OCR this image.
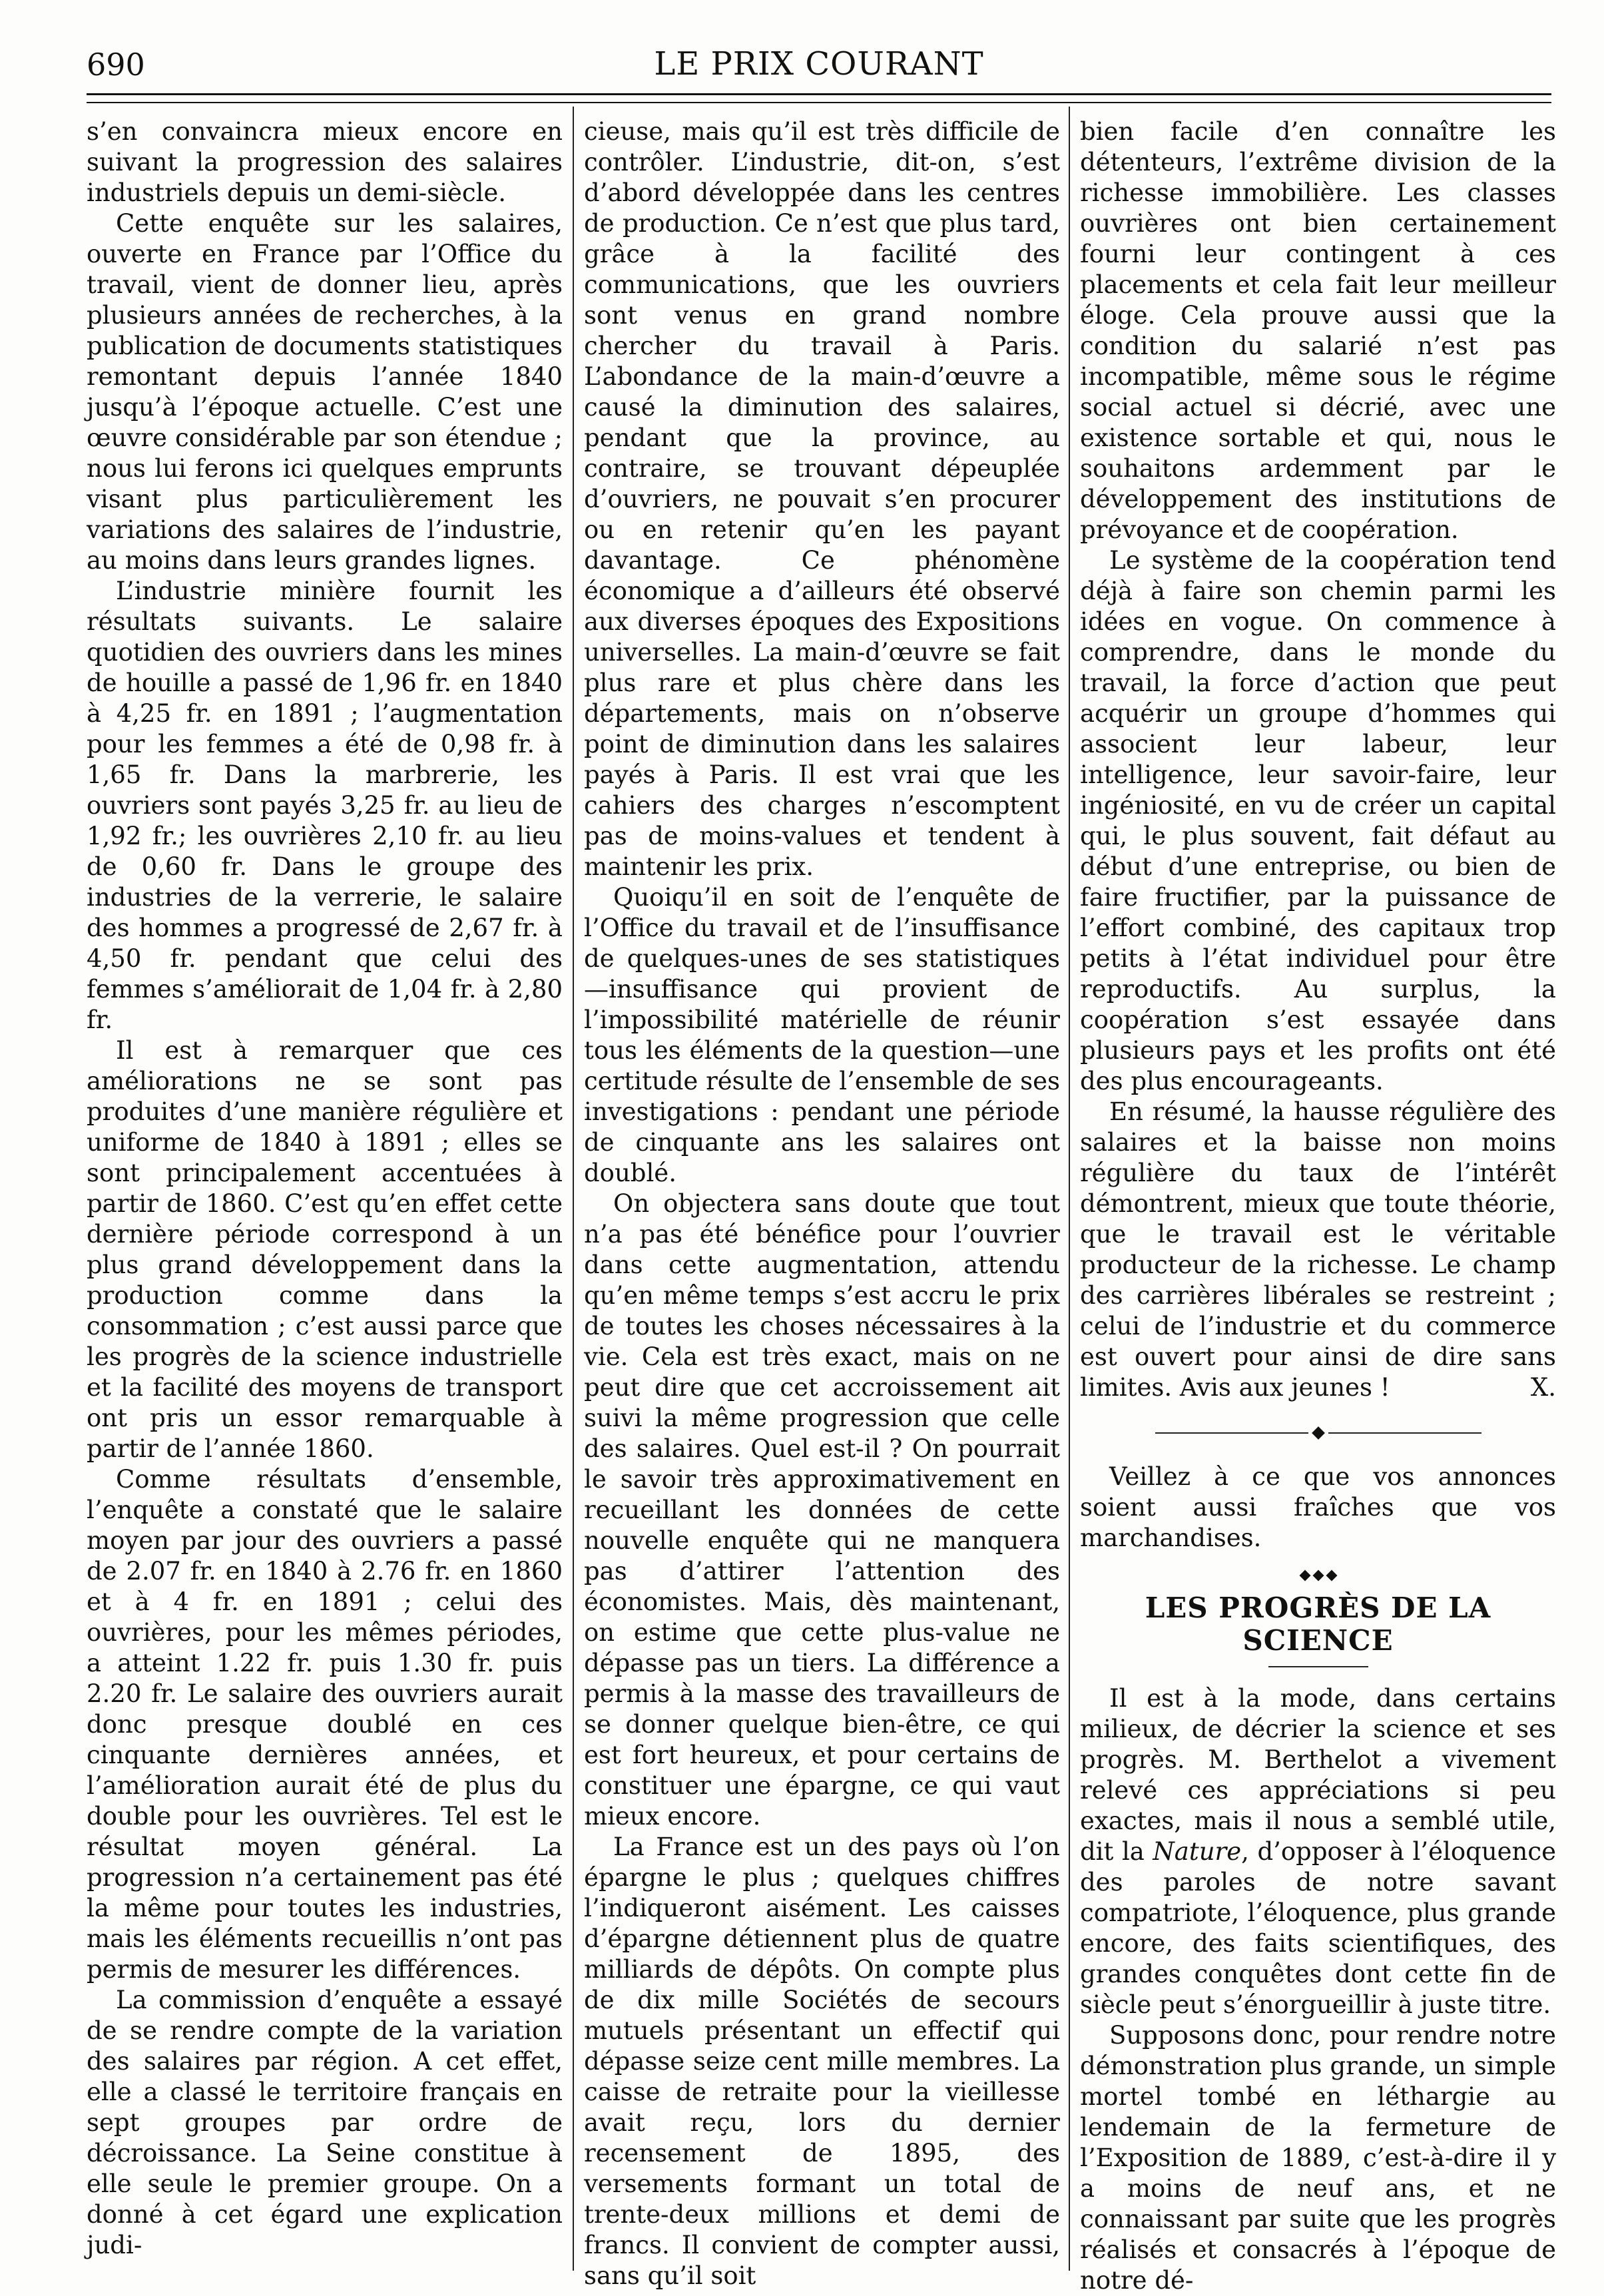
690	LE PRIX COURANT

s’en convaincra mieux encore en suivant la progression des salaires industriels depuis un demi-siècle.

Cette enquête sur les salaires, ouverte en France par l’Office du travail, vient de donner lieu, après plusieurs années de recherches, à la publication de documents statistiques remontant depuis l’année 1840 jusqu’à l’époque actuelle. C’est une œuvre considérable par son étendue ; nous lui ferons ici quelques emprunts visant plus particulièrement les variations des salaires de l’industrie, au moins dans leurs grandes lignes.

L’industrie minière fournit les résultats suivants. Le salaire quotidien des ouvriers dans les mines de houille a passé de 1,96 fr. en 1840 à 4,25 fr. en 1891 ; l’augmentation pour les femmes a été de 0,98 fr. à 1,65 fr. Dans la marbrerie, les ouvriers sont payés 3,25 fr. au lieu de 1,92 fr.; les ouvrières 2,10 fr. au lieu de 0,60 fr. Dans le groupe des industries de la verrerie, le salaire des hommes a progressé de 2,67 fr. à 4,50 fr. pendant que celui des femmes s’améliorait de 1,04 fr. à 2,80 fr.

Il est à remarquer que ces améliorations ne se sont pas produites d’une manière régulière et uniforme de 1840 à 1891 ; elles se sont principalement accentuées à partir de 1860. C’est qu’en effet cette dernière période correspond à un plus grand développement dans la production comme dans la consommation ; c’est aussi parce que les progrès de la science industrielle et la facilité des moyens de transport ont pris un essor remarquable à partir de l’année 1860.

Comme résultats d’ensemble, l’enquête a constaté que le salaire moyen par jour des ouvriers a passé de 2.07 fr. en 1840 à 2.76 fr. en 1860 et à 4 fr. en 1891 ; celui des ouvrières, pour les mêmes périodes, a atteint 1.22 fr. puis 1.30 fr. puis 2.20 fr. Le salaire des ouvriers aurait donc presque doublé en ces cinquante dernières années, et l’amélioration aurait été de plus du double pour les ouvrières. Tel est le résultat moyen général. La progression n’a certainement pas été la même pour toutes les industries, mais les éléments recueillis n’ont pas permis de mesurer les différences.

La commission d’enquête a essayé de se rendre compte de la variation des salaires par région. A cet effet, elle a classé le territoire français en sept groupes par ordre de décroissance. La Seine constitue à elle seule le premier groupe. On a donné à cet égard une explication judi-

cieuse, mais qu’il est très difficile de contrôler. L’industrie, dit-on, s’est d’abord développée dans les centres de production. Ce n’est que plus tard, grâce à la facilité des communications, que les ouvriers sont venus en grand nombre chercher du travail à Paris. L’abondance de la main-d’œuvre a causé la diminution des salaires, pendant que la province, au contraire, se trouvant dépeuplée d’ouvriers, ne pouvait s’en procurer ou en retenir qu’en les payant davantage. Ce phénomène économique a d’ailleurs été observé aux diverses époques des Expositions universelles. La main-d’œuvre se fait plus rare et plus chère dans les départements, mais on n’observe point de diminution dans les salaires payés à Paris. Il est vrai que les cahiers des charges n’escomptent pas de moins-values et tendent à maintenir les prix.

Quoiqu’il en soit de l’enquête de l’Office du travail et de l’insuffisance de quelques-unes de ses statistiques —insuffisance qui provient de l’impossibilité matérielle de réunir tous les éléments de la question—une certitude résulte de l’ensemble de ses investigations : pendant une période de cinquante ans les salaires ont doublé.

On objectera sans doute que tout n’a pas été bénéfice pour l’ouvrier dans cette augmentation, attendu qu’en même temps s’est accru le prix de toutes les choses nécessaires à la vie. Cela est très exact, mais on ne peut dire que cet accroissement ait suivi la même progression que celle des salaires. Quel est-il ? On pourrait le savoir très approximativement en recueillant les données de cette nouvelle enquête qui ne manquera pas d’attirer l’attention des économistes. Mais, dès maintenant, on estime que cette plus-value ne dépasse pas un tiers. La différence a permis à la masse des travailleurs de se donner quelque bien-être, ce qui est fort heureux, et pour certains de constituer une épargne, ce qui vaut mieux encore.

La France est un des pays où l’on épargne le plus ; quelques chiffres l’indiqueront aisément. Les caisses d’épargne détiennent plus de quatre milliards de dépôts. On compte plus de dix mille Sociétés de secours mutuels présentant un effectif qui dépasse seize cent mille membres. La caisse de retraite pour la vieillesse avait reçu, lors du dernier recensement de 1895, des versements formant un total de trente-deux millions et demi de francs. Il convient de compter aussi, sans qu’il soit

bien facile d’en connaître les détenteurs, l’extrême division de la richesse immobilière. Les classes ouvrières ont bien certainement fourni leur contingent à ces placements et cela fait leur meilleur éloge. Cela prouve aussi que la condition du salarié n’est pas incompatible, même sous le régime social actuel si décrié, avec une existence sortable et qui, nous le souhaitons ardemment par le développement des institutions de prévoyance et de coopération.

Le système de la coopération tend déjà à faire son chemin parmi les idées en vogue. On commence à comprendre, dans le monde du travail, la force d’action que peut acquérir un groupe d’hommes qui associent leur labeur, leur intelligence, leur savoir-faire, leur ingéniosité, en vu de créer un capital qui, le plus souvent, fait défaut au début d’une entreprise, ou bien de faire fructifier, par la puissance de l’effort combiné, des capitaux trop petits à l’état individuel pour être reproductifs. Au surplus, la coopération s’est essayée dans plusieurs pays et les profits ont été des plus encourageants.

En résumé, la hausse régulière des salaires et la baisse non moins régulière du taux de l’intérêt démontrent, mieux que toute théorie, que le travail est le véritable producteur de la richesse. Le champ des carrières libérales se restreint ; celui de l’industrie et du commerce est ouvert pour ainsi de dire sans limites. Avis aux jeunes !	X.

Veillez à ce que vos annonces soient aussi fraîches que vos marchandises.

LES PROGRÈS DE LA SCIENCE

Il est à la mode, dans certains milieux, de décrier la science et ses progrès. M. Berthelot a vivement relevé ces appréciations si peu exactes, mais il nous a semblé utile, dit la Nature, d’opposer à l’éloquence des paroles de notre savant compatriote, l’éloquence, plus grande encore, des faits scientifiques, des grandes conquêtes dont cette fin de siècle peut s’énorgueillir à juste titre.

Supposons donc, pour rendre notre démonstration plus grande, un simple mortel tombé en léthargie au lendemain de la fermeture de l’Exposition de 1889, c’est-à-dire il y a moins de neuf ans, et ne connaissant par suite que les progrès réalisés et consacrés à l’époque de notre dé-
